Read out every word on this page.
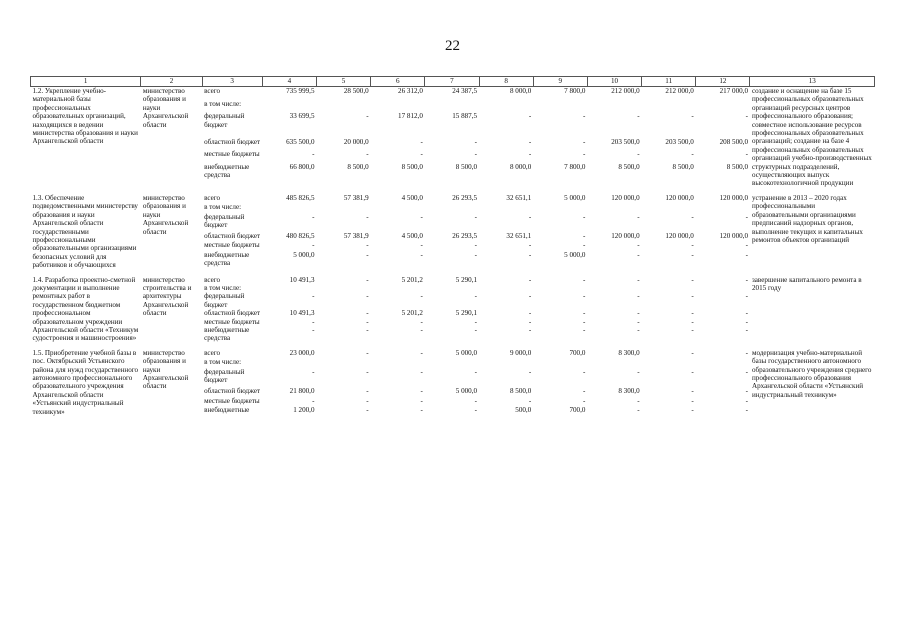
22
1	2	3	4	5	6	7	8	9	10	11	12	13
1.2. Укрепление учебно-материальной базы профессиональных образовательных организаций, находящихся в ведении министерства образования и науки Архангельской области	министерство образования и науки Архангельской области	всего	735 999,5	28 500,0	26 312,0	24 387,5	8 000,0	7 800,0	212 000,0	212 000,0	217 000,0	создание и оснащение на базе 15 профессиональных образовательных организаций ресурсных центров профессионального образования; совместное использование ресурсов профессиональных образовательных организаций; создание на базе 4 профессиональных образовательных организаций учебно-производственных структурных подразделений, осуществляющих выпуск высокотехнологичной продукции
		в том числе:										
		федеральный бюджет	33 699,5	-	17 812,0	15 887,5	-	-	-	-	-	
		областной бюджет	635 500,0	20 000,0	-	-	-	-	203 500,0	203 500,0	208 500,0	
		местные бюджеты	-	-	-	-	-	-	-	-	-	
		внебюджетные средства	66 800,0	8 500,0	8 500,0	8 500,0	8 000,0	7 800,0	8 500,0	8 500,0	8 500,0	

1.3. Обеспечение подведомственными министерству образования и науки Архангельской области государственными профессиональными образовательными организациями безопасных условий для работников и обучающихся	министерство образования и науки Архангельской области	всего	485 826,5	57 381,9	4 500,0	26 293,5	32 651,1	5 000,0	120 000,0	120 000,0	120 000,0	устранение в 2013 – 2020 годах профессиональными образовательными организациями предписаний надзорных органов, выполнение текущих и капитальных ремонтов объектов организаций
		в том числе:										
		федеральный бюджет	-	-	-	-	-	-	-	-	-	
		областной бюджет	480 826,5	57 381,9	4 500,0	26 293,5	32 651,1	-	120 000,0	120 000,0	120 000,0	
		местные бюджеты	-	-	-	-	-	-	-	-	-	
		внебюджетные средства	5 000,0	-	-	-	-	5 000,0	-	-	-	

1.4. Разработка проектно-сметной документации и выполнение ремонтных работ в государственном бюджетном профессиональном образовательном учреждении Архангельской области «Техникум судостроения и машиностроения»	министерство строительства и архитектуры Архангельской области	всего	10 491,3	-	5 201,2	5 290,1	-	-	-	-	-	завершение капитального ремонта в 2015 году
		в том числе:										
		федеральный бюджет	-	-	-	-	-	-	-	-	-	
		областной бюджет	10 491,3	-	5 201,2	5 290,1	-	-	-	-	-	
		местные бюджеты	-	-	-	-	-	-	-	-	-	
		внебюджетные средства	-	-	-	-	-	-	-	-	-	

1.5. Приобретение учебной базы в пос. Октябрьский Устьянского района для нужд государственного автономного профессионального образовательного учреждения Архангельской области «Устьянский индустриальный техникум»	министерство образования и науки Архангельской области	всего	23 000,0	-	-	5 000,0	9 000,0	700,0	8 300,0	-	-	модернизация учебно-материальной базы государственного автономного образовательного учреждения среднего профессионального образования Архангельской области «Устьянский индустриальный техникум»
		в том числе:										
		федеральный бюджет	-	-	-	-	-	-	-	-	-	
		областной бюджет	21 800,0	-	-	5 000,0	8 500,0	-	8 300,0	-	-	
		местные бюджеты	-	-	-	-	-	-	-	-	-	
		внебюджетные	1 200,0	-	-	-	500,0	700,0	-	-	-	
